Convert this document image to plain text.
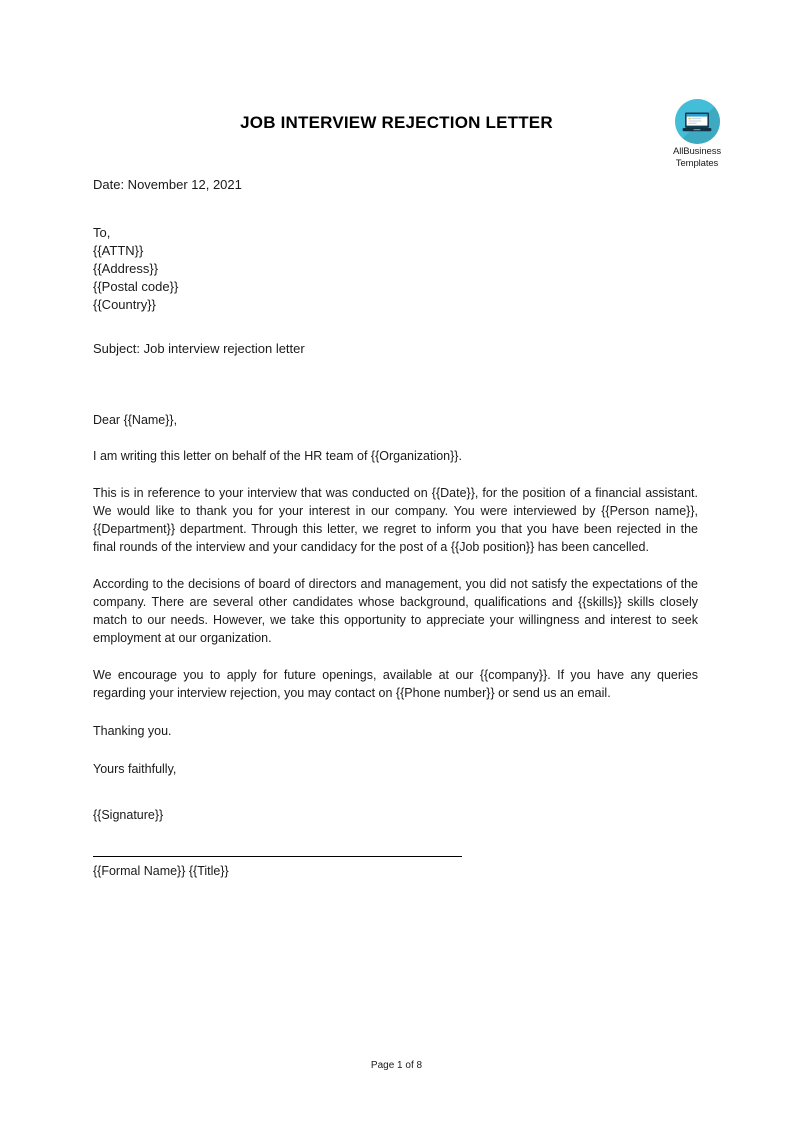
AllBusiness
Templates
JOB INTERVIEW REJECTION LETTER
Date: November 12, 2021
To,
{{ATTN}}
{{Address}}
{{Postal code}}
{{Country}}
Subject: Job interview rejection letter
Dear {{Name}},
I am writing this letter on behalf of the HR team of {{Organization}}.
This is in reference to your interview that was conducted on {{Date}}, for the position of a financial assistant. We would like to thank you for your interest in our company. You were interviewed by {{Person name}}, {{Department}} department. Through this letter, we regret to inform you that you have been rejected in the final rounds of the interview and your candidacy for the post of a {{Job position}} has been cancelled.
According to the decisions of board of directors and management, you did not satisfy the expectations of the company. There are several other candidates whose background, qualifications and {{skills}} skills closely match to our needs. However, we take this opportunity to appreciate your willingness and interest to seek employment at our organization.
We encourage you to apply for future openings, available at our {{company}}. If you have any queries regarding your interview rejection, you may contact on {{Phone number}} or send us an email.
Thanking you.
Yours faithfully,
{{Signature}}
{{Formal Name}} {{Title}}
Page 1 of 8
